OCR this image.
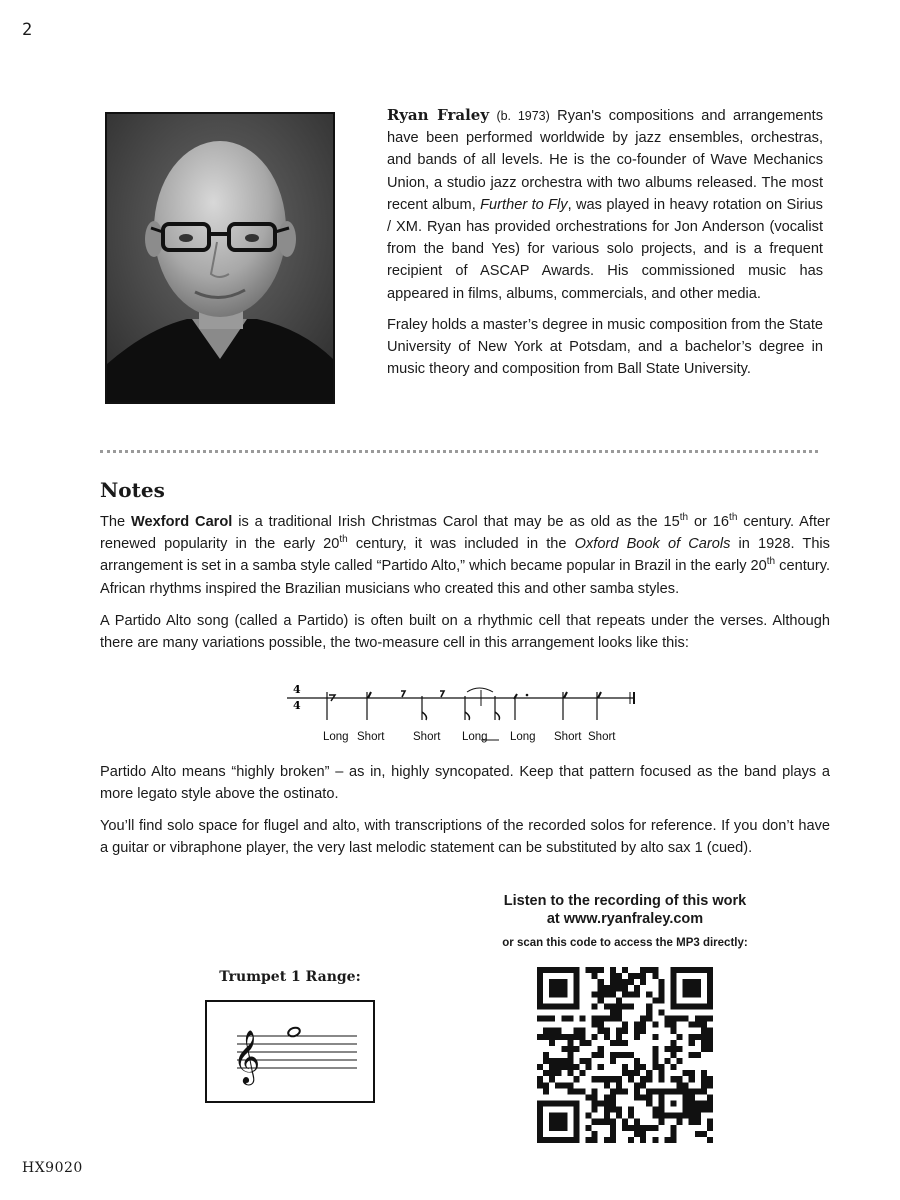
2

Ryan Fraley (b. 1973) Ryan's compositions and arrangements have been performed worldwide by jazz ensembles, orchestras, and bands of all levels. He is the co-founder of Wave Mechanics Union, a studio jazz orchestra with two albums released. The most recent album, Further to Fly, was played in heavy rotation on Sirius / XM. Ryan has provided orchestrations for Jon Anderson (vocalist from the band Yes) for various solo projects, and is a frequent recipient of ASCAP Awards. His commissioned music has appeared in films, albums, commercials, and other media.

Fraley holds a master’s degree in music composition from the State University of New York at Potsdam, and a bachelor’s degree in music theory and composition from Ball State University.

Notes

The Wexford Carol is a traditional Irish Christmas Carol that may be as old as the 15th or 16th century. After renewed popularity in the early 20th century, it was included in the Oxford Book of Carols in 1928. This arrangement is set in a samba style called “Partido Alto,” which became popular in Brazil in the early 20th century. African rhythms inspired the Brazilian musicians who created this and other samba styles.

A Partido Alto song (called a Partido) is often built on a rhythmic cell that repeats under the verses. Although there are many variations possible, the two-measure cell in this arrangement looks like this:

4
4
Long Short Short Long Long Short Short

Partido Alto means “highly broken” – as in, highly syncopated. Keep that pattern focused as the band plays a more legato style above the ostinato.

You’ll find solo space for flugel and alto, with transcriptions of the recorded solos for reference. If you don’t have a guitar or vibraphone player, the very last melodic statement can be substituted by alto sax 1 (cued).

Listen to the recording of this work
at www.ryanfraley.com
or scan this code to access the MP3 directly:
Trumpet 1 Range:
𝄞
HX9020
